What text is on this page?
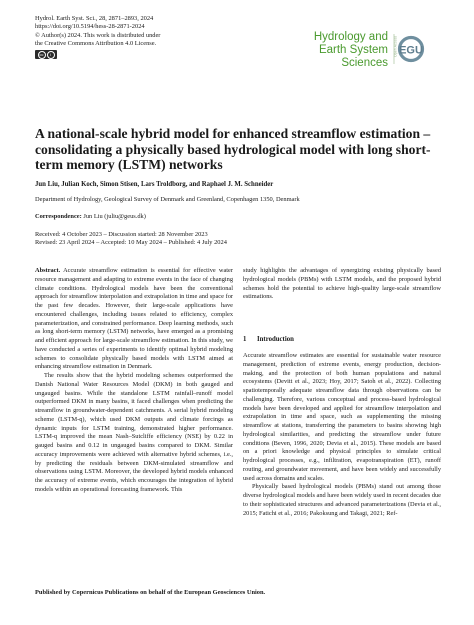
Hydrol. Earth Syst. Sci., 28, 2871–2893, 2024
https://doi.org/10.5194/hess-28-2871-2024
© Author(s) 2024. This work is distributed under
the Creative Commons Attribution 4.0 License.
cc	i
Hydrology and
Earth System
Sciences
Open Access EGU
A national-scale hybrid model for enhanced streamflow estimation – consolidating a physically based hydrological model with long short-term memory (LSTM) networks
Jun Liu, Julian Koch, Simon Stisen, Lars Troldborg, and Raphael J. M. Schneider
Department of Hydrology, Geological Survey of Denmark and Greenland, Copenhagen 1350, Denmark
Correspondence: Jun Liu (juliu@geus.dk)
Received: 4 October 2023 – Discussion started: 28 November 2023
Revised: 23 April 2024 – Accepted: 10 May 2024 – Published: 4 July 2024

Abstract. Accurate streamflow estimation is essential for effective water resource management and adapting to extreme events in the face of changing climate conditions. Hydrological models have been the conventional approach for streamflow interpolation and extrapolation in time and space for the past few decades. However, their large-scale applications have encountered challenges, including issues related to efficiency, complex parameterization, and constrained performance. Deep learning methods, such as long short-term memory (LSTM) networks, have emerged as a promising and efficient approach for large-scale streamflow estimation. In this study, we have conducted a series of experiments to identify optimal hybrid modeling schemes to consolidate physically based models with LSTM aimed at enhancing streamflow estimation in Denmark.

The results show that the hybrid modeling schemes outperformed the Danish National Water Resources Model (DKM) in both gauged and ungauged basins. While the standalone LSTM rainfall–runoff model outperformed DKM in many basins, it faced challenges when predicting the streamflow in groundwater-dependent catchments. A serial hybrid modeling scheme (LSTM-q), which used DKM outputs and climate forcings as dynamic inputs for LSTM training, demonstrated higher performance. LSTM-q improved the mean Nash–Sutcliffe efficiency (NSE) by 0.22 in gauged basins and 0.12 in ungauged basins compared to DKM. Similar accuracy improvements were achieved with alternative hybrid schemes, i.e., by predicting the residuals between DKM-simulated streamflow and observations using LSTM. Moreover, the developed hybrid models enhanced the accuracy of extreme events, which encourages the integration of hybrid models within an operational forecasting framework. This

study highlights the advantages of synergizing existing physically based hydrological models (PBMs) with LSTM models, and the proposed hybrid schemes hold the potential to achieve high-quality large-scale streamflow estimations.

1 Introduction

Accurate streamflow estimates are essential for sustainable water resource management, prediction of extreme events, energy production, decision-making, and the protection of both human populations and natural ecosystems (Devitt et al., 2023; Hoy, 2017; Satoh et al., 2022). Collecting spatiotemporally adequate streamflow data through observations can be challenging. Therefore, various conceptual and process-based hydrological models have been developed and applied for streamflow interpolation and extrapolation in time and space, such as supplementing the missing streamflow at stations, transferring the parameters to basins showing high hydrological similarities, and predicting the streamflow under future conditions (Beven, 1996, 2020; Devia et al., 2015). These models are based on a priori knowledge and physical principles to simulate critical hydrological processes, e.g., infiltration, evapotranspiration (ET), runoff routing, and groundwater movement, and have been widely and successfully used across domains and scales.

Physically based hydrological models (PBMs) stand out among those diverse hydrological models and have been widely used in recent decades due to their sophisticated structures and advanced parameterizations (Devia et al., 2015; Fatichi et al., 2016; Pakoksung and Takagi, 2021; Ref-

Published by Copernicus Publications on behalf of the European Geosciences Union.
